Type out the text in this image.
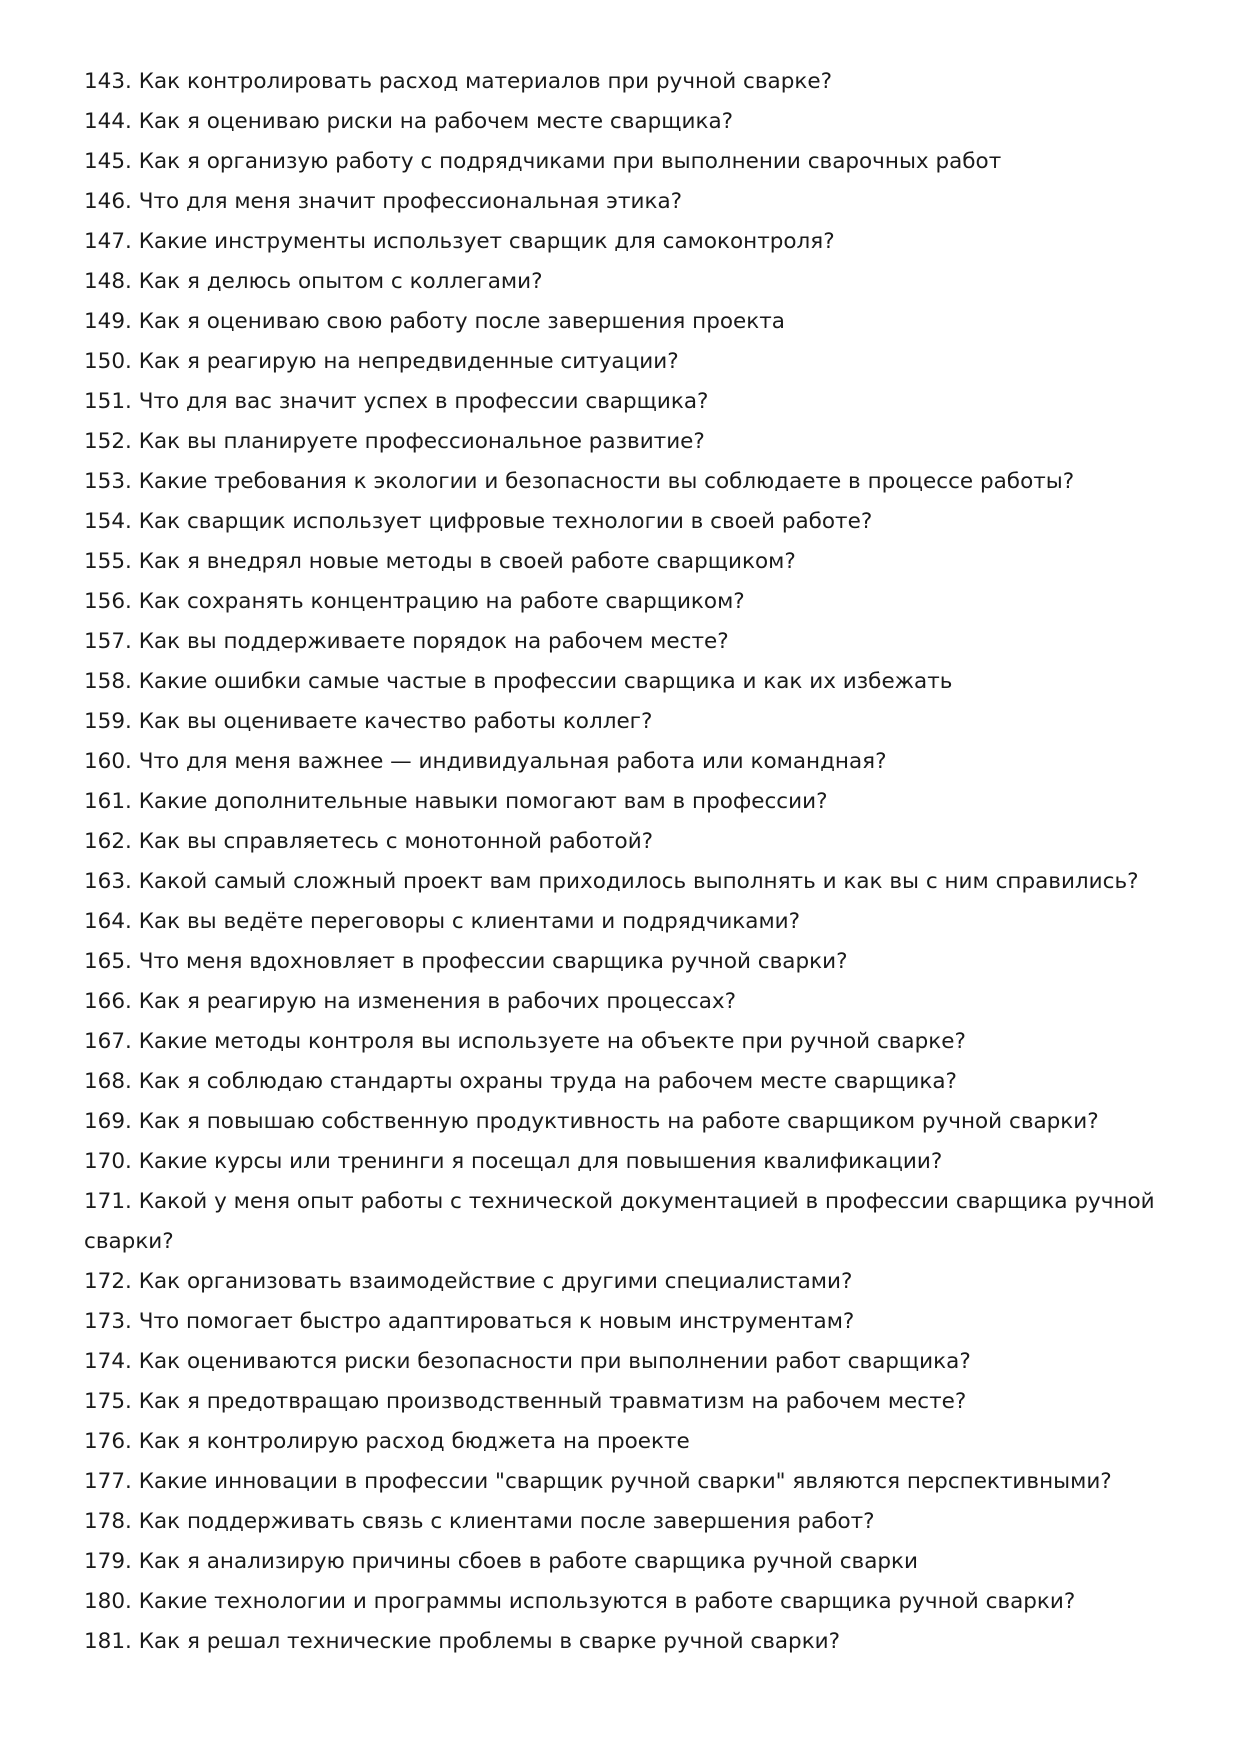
143. Как контролировать расход материалов при ручной сварке?

144. Как я оцениваю риски на рабочем месте сварщика?

145. Как я организую работу с подрядчиками при выполнении сварочных работ

146. Что для меня значит профессиональная этика?

147. Какие инструменты использует сварщик для самоконтроля?

148. Как я делюсь опытом с коллегами?

149. Как я оцениваю свою работу после завершения проекта

150. Как я реагирую на непредвиденные ситуации?

151. Что для вас значит успех в профессии сварщика?

152. Как вы планируете профессиональное развитие?

153. Какие требования к экологии и безопасности вы соблюдаете в процессе работы?

154. Как сварщик использует цифровые технологии в своей работе?

155. Как я внедрял новые методы в своей работе сварщиком?

156. Как сохранять концентрацию на работе сварщиком?

157. Как вы поддерживаете порядок на рабочем месте?

158. Какие ошибки самые частые в профессии сварщика и как их избежать

159. Как вы оцениваете качество работы коллег?

160. Что для меня важнее — индивидуальная работа или командная?

161. Какие дополнительные навыки помогают вам в профессии?

162. Как вы справляетесь с монотонной работой?

163. Какой самый сложный проект вам приходилось выполнять и как вы с ним справились?

164. Как вы ведёте переговоры с клиентами и подрядчиками?

165. Что меня вдохновляет в профессии сварщика ручной сварки?

166. Как я реагирую на изменения в рабочих процессах?

167. Какие методы контроля вы используете на объекте при ручной сварке?

168. Как я соблюдаю стандарты охраны труда на рабочем месте сварщика?

169. Как я повышаю собственную продуктивность на работе сварщиком ручной сварки?

170. Какие курсы или тренинги я посещал для повышения квалификации?

171. Какой у меня опыт работы с технической документацией в профессии сварщика ручной сварки?

172. Как организовать взаимодействие с другими специалистами?

173. Что помогает быстро адаптироваться к новым инструментам?

174. Как оцениваются риски безопасности при выполнении работ сварщика?

175. Как я предотвращаю производственный травматизм на рабочем месте?

176. Как я контролирую расход бюджета на проекте

177. Какие инновации в профессии "сварщик ручной сварки" являются перспективными?

178. Как поддерживать связь с клиентами после завершения работ?

179. Как я анализирую причины сбоев в работе сварщика ручной сварки

180. Какие технологии и программы используются в работе сварщика ручной сварки?

181. Как я решал технические проблемы в сварке ручной сварки?
